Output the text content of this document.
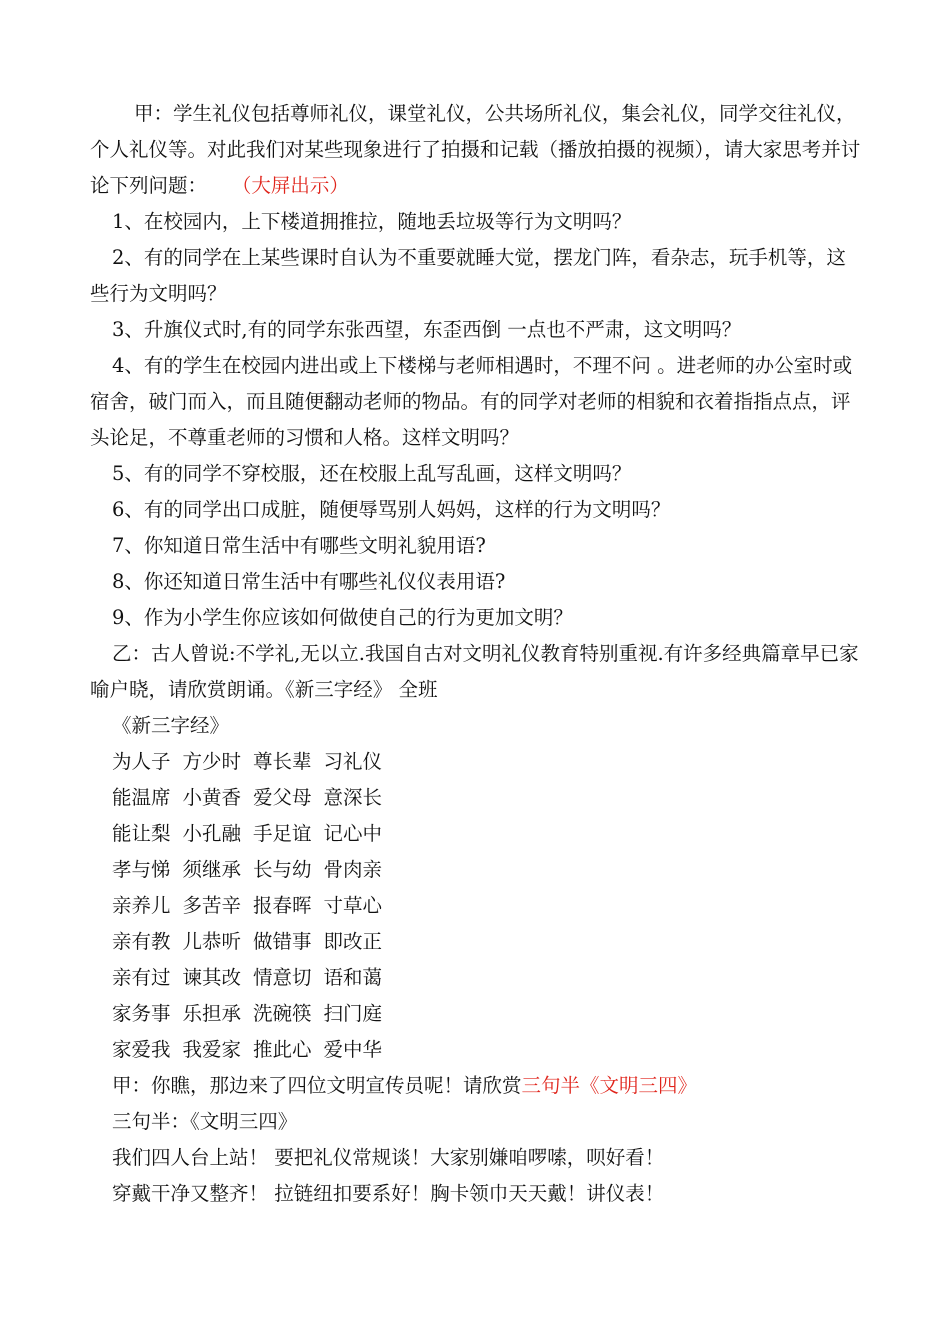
甲：学生礼仪包括尊师礼仪，课堂礼仪，公共场所礼仪，集会礼仪，同学交往礼仪，个人礼仪等。对此我们对某些现象进行了拍摄和记载（播放拍摄的视频），请大家思考并讨论下列问题： （大屏出示）

1、在校园内，上下楼道拥推拉，随地丢垃圾等行为文明吗？

2、有的同学在上某些课时自认为不重要就睡大觉，摆龙门阵，看杂志，玩手机等，这些行为文明吗？

3、升旗仪式时,有的同学东张西望，东歪西倒 一点也不严肃，这文明吗？

4、有的学生在校园内进出或上下楼梯与老师相遇时，不理不问 。进老师的办公室时或宿舍，破门而入，而且随便翻动老师的物品。有的同学对老师的相貌和衣着指指点点，评头论足，不尊重老师的习惯和人格。这样文明吗？

5、有的同学不穿校服，还在校服上乱写乱画，这样文明吗？

6、有的同学出口成脏，随便辱骂别人妈妈，这样的行为文明吗？

7、你知道日常生活中有哪些文明礼貌用语?

8、你还知道日常生活中有哪些礼仪仪表用语?

9、作为小学生你应该如何做使自己的行为更加文明？

乙：古人曾说:不学礼,无以立.我国自古对文明礼仪教育特别重视.有许多经典篇章早已家喻户晓，请欣赏朗诵。《新三字经》 全班

《新三字经》
为人子 方少时 尊长辈 习礼仪
能温席 小黄香 爱父母 意深长
能让梨 小孔融 手足谊 记心中
孝与悌 须继承 长与幼 骨肉亲
亲养儿 多苦辛 报春晖 寸草心
亲有教 儿恭听 做错事 即改正
亲有过 谏其改 情意切 语和蔼
家务事 乐担承 洗碗筷 扫门庭
家爱我 我爱家 推此心 爱中华
甲：你瞧，那边来了四位文明宣传员呢！请欣赏三句半《文明三四》
三句半：《文明三四》
我们四人台上站！ 要把礼仪常规谈！大家别嫌咱啰嗦，呗好看！
穿戴干净又整齐！ 拉链纽扣要系好！胸卡领巾天天戴！讲仪表！
